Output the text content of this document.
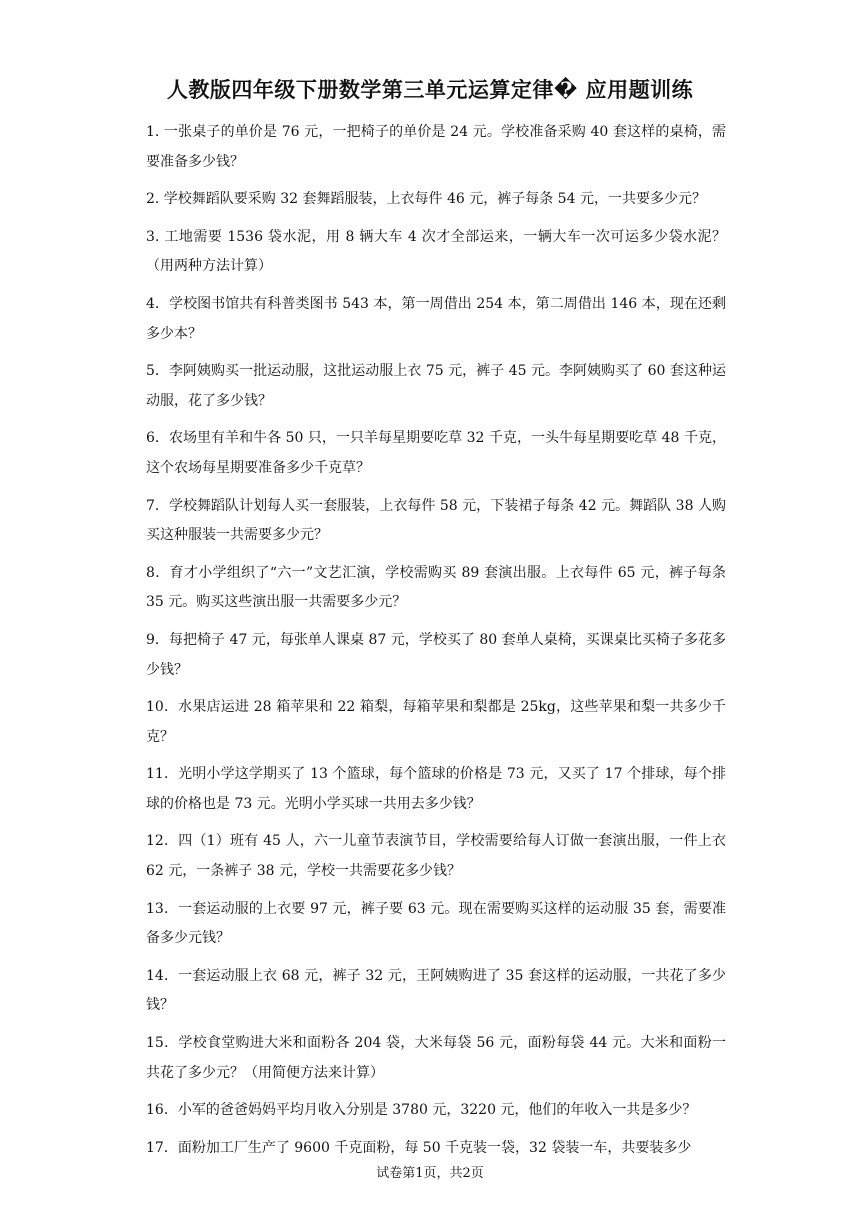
人教版四年级下册数学第三单元运算定律� 应用题训练
1. 一张桌子的单价是 76 元，一把椅子的单价是 24 元。学校准备采购 40 套这样的桌椅，需要准备多少钱？
2. 学校舞蹈队要采购 32 套舞蹈服装，上衣每件 46 元，裤子每条 54 元，一共要多少元？
3. 工地需要 1536 袋水泥，用 8 辆大车 4 次才全部运来，一辆大车一次可运多少袋水泥？（用两种方法计算）
4．学校图书馆共有科普类图书 543 本，第一周借出 254 本，第二周借出 146 本，现在还剩多少本？
5．李阿姨购买一批运动服，这批运动服上衣 75 元，裤子 45 元。李阿姨购买了 60 套这种运动服，花了多少钱？
6．农场里有羊和牛各 50 只，一只羊每星期要吃草 32 千克，一头牛每星期要吃草 48 千克，这个农场每星期要准备多少千克草？
7．学校舞蹈队计划每人买一套服装，上衣每件 58 元，下装裙子每条 42 元。舞蹈队 38 人购买这种服装一共需要多少元？
8．育才小学组织了“六一”文艺汇演，学校需购买 89 套演出服。上衣每件 65 元，裤子每条 35 元。购买这些演出服一共需要多少元？
9．每把椅子 47 元，每张单人课桌 87 元，学校买了 80 套单人桌椅，买课桌比买椅子多花多少钱？
10．水果店运进 28 箱苹果和 22 箱梨，每箱苹果和梨都是 25kg，这些苹果和梨一共多少千克？
11．光明小学这学期买了 13 个篮球，每个篮球的价格是 73 元，又买了 17 个排球，每个排球的价格也是 73 元。光明小学买球一共用去多少钱？
12．四（1）班有 45 人，六一儿童节表演节目，学校需要给每人订做一套演出服，一件上衣 62 元，一条裤子 38 元，学校一共需要花多少钱？
13．一套运动服的上衣要 97 元，裤子要 63 元。现在需要购买这样的运动服 35 套，需要准备多少元钱？
14．一套运动服上衣 68 元，裤子 32 元，王阿姨购进了 35 套这样的运动服，一共花了多少钱？
15．学校食堂购进大米和面粉各 204 袋，大米每袋 56 元，面粉每袋 44 元。大米和面粉一共花了多少元？（用简便方法来计算）
16．小军的爸爸妈妈平均月收入分别是 3780 元，3220 元，他们的年收入一共是多少？
17．面粉加工厂生产了 9600 千克面粉，每 50 千克装一袋，32 袋装一车，共要装多少

试卷第1页，共2页
